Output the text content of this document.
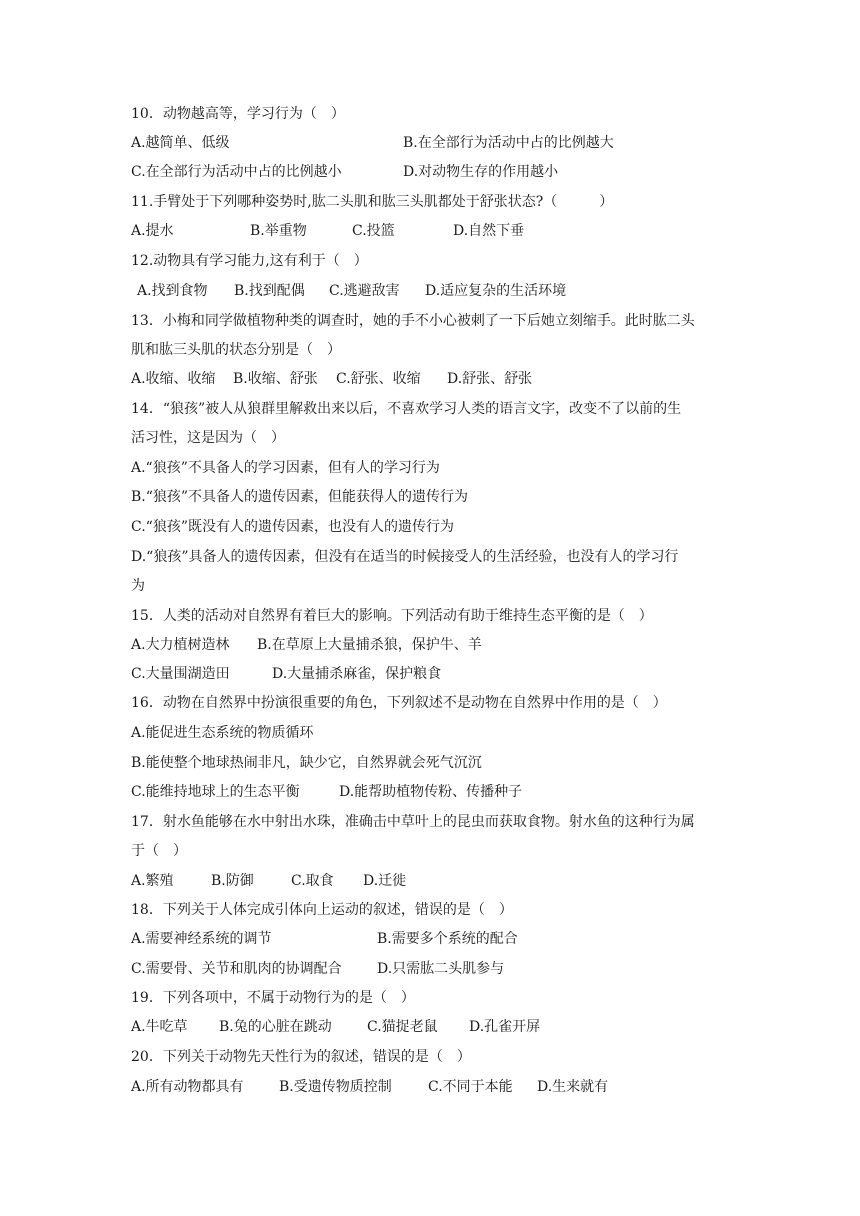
10．动物越高等，学习行为（　）
A.越简单、低级	B.在全部行为活动中占的比例越大
C.在全部行为活动中占的比例越小	D.对动物生存的作用越小
11.手臂处于下列哪种姿势时,肱二头肌和肱三头肌都处于舒张状态?（　　　）
A.提水	B.举重物	C.投篮	D.自然下垂
12.动物具有学习能力,这有利于（　）
A.找到食物 B.找到配偶 C.逃避敌害 D.适应复杂的生活环境
13．小梅和同学做植物种类的调查时，她的手不小心被刺了一下后她立刻缩手。此时肱二头
肌和肱三头肌的状态分别是（　）
A.收缩、收缩 B.收缩、舒张 C.舒张、收缩 D.舒张、舒张
14．“狼孩”被人从狼群里解救出来以后，不喜欢学习人类的语言文字，改变不了以前的生
活习性，这是因为（　）
A.“狼孩”不具备人的学习因素，但有人的学习行为
B.“狼孩”不具备人的遗传因素，但能获得人的遗传行为
C.“狼孩”既没有人的遗传因素，也没有人的遗传行为
D.“狼孩”具备人的遗传因素，但没有在适当的时候接受人的生活经验，也没有人的学习行
为
15．人类的活动对自然界有着巨大的影响。下列活动有助于维持生态平衡的是（　）
A.大力植树造林 B.在草原上大量捕杀狼，保护牛、羊
C.大量围湖造田	D.大量捕杀麻雀，保护粮食
16．动物在自然界中扮演很重要的角色，下列叙述不是动物在自然界中作用的是（　）
A.能促进生态系统的物质循环
B.能使整个地球热闹非凡，缺少它，自然界就会死气沉沉
C.能维持地球上的生态平衡	D.能帮助植物传粉、传播种子
17．射水鱼能够在水中射出水珠，准确击中草叶上的昆虫而获取食物。射水鱼的这种行为属
于（　）
A.繁殖	B.防御	C.取食 D.迁徙
18．下列关于人体完成引体向上运动的叙述，错误的是（　）
A.需要神经系统的调节	B.需要多个系统的配合
C.需要骨、关节和肌肉的协调配合	D.只需肱二头肌参与
19．下列各项中，不属于动物行为的是（　）
A.牛吃草 B.兔的心脏在跳动	C.猫捉老鼠 D.孔雀开屏
20．下列关于动物先天性行为的叙述，错误的是（　）
A.所有动物都具有	B.受遗传物质控制	C.不同于本能 D.生来就有
